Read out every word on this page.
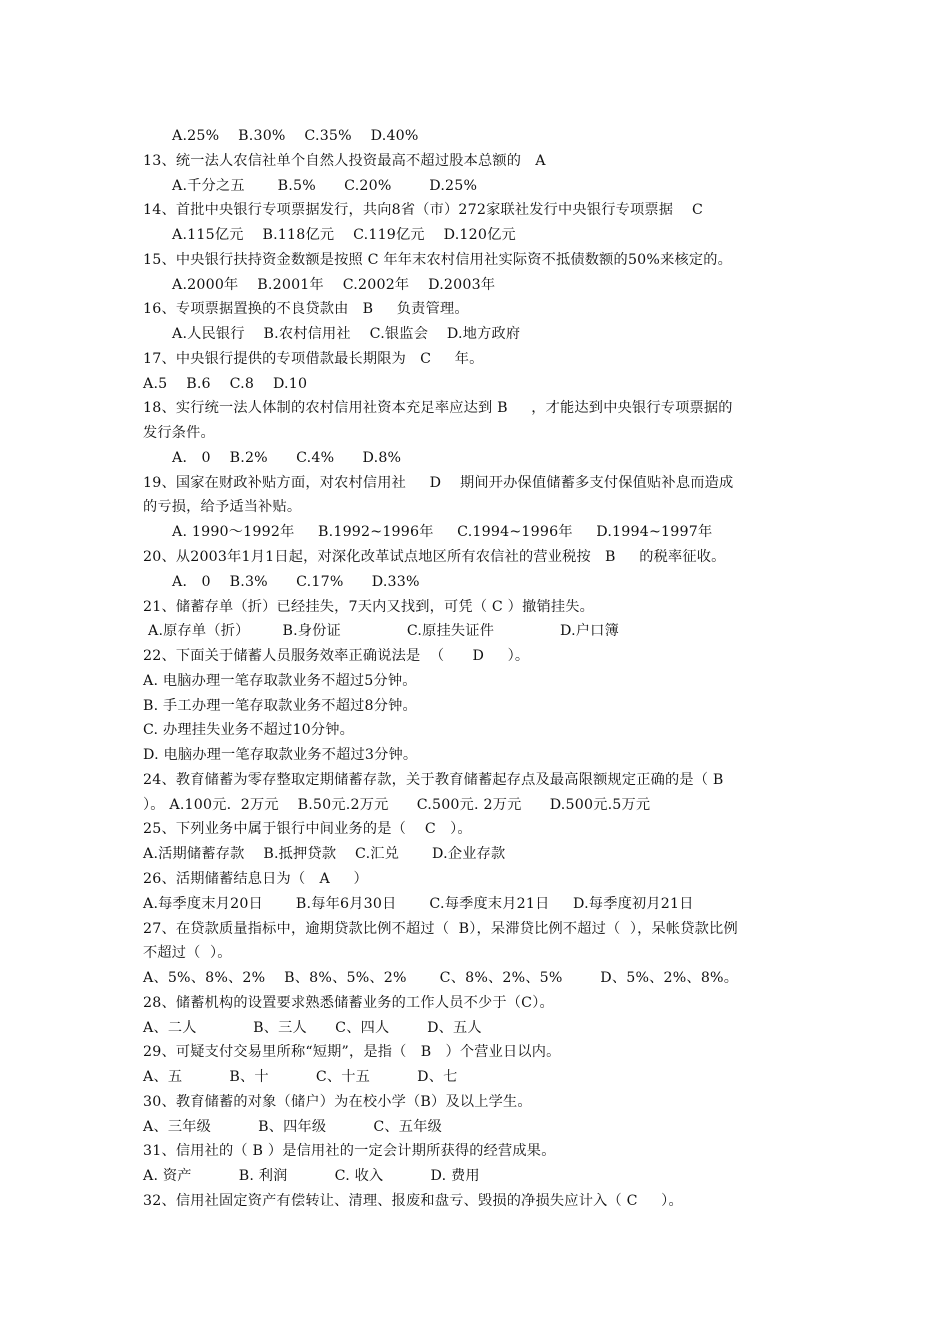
A.25%    B.30%    C.35%    D.40%
13、统一法人农信社单个自然人投资最高不超过股本总额的   A
A.千分之五       B.5%      C.20%        D.25%
14、首批中央银行专项票据发行，共向8省（市）272家联社发行中央银行专项票据    C
A.115亿元    B.118亿元    C.119亿元    D.120亿元
15、中央银行扶持资金数额是按照 C 年年末农村信用社实际资不抵债数额的50%来核定的。
A.2000年    B.2001年    C.2002年    D.2003年
16、专项票据置换的不良贷款由   B     负责管理。
A.人民银行    B.农村信用社    C.银监会    D.地方政府
17、中央银行提供的专项借款最长期限为   C     年。
A.5    B.6    C.8    D.10
18、实行统一法人体制的农村信用社资本充足率应达到 B     ，才能达到中央银行专项票据的
发行条件。
A． 0    B.2%      C.4%      D.8%
19、国家在财政补贴方面，对农村信用社     D    期间开办保值储蓄多支付保值贴补息而造成
的亏损，给予适当补贴。
A. 1990～1992年     B.1992~1996年     C.1994~1996年     D.1994~1997年
20、从2003年1月1日起，对深化改革试点地区所有农信社的营业税按   B     的税率征收。
A． 0    B.3%      C.17%      D.33%
21、储蓄存单（折）已经挂失，7天内又找到，可凭（ C ）撤销挂失。
A.原存单（折）       B.身份证              C.原挂失证件              D.户口簿
22、下面关于储蓄人员服务效率正确说法是  （      D     ）。
A. 电脑办理一笔存取款业务不超过5分钟。
B. 手工办理一笔存取款业务不超过8分钟。
C. 办理挂失业务不超过10分钟。
D. 电脑办理一笔存取款业务不超过3分钟。
24、教育储蓄为零存整取定期储蓄存款，关于教育储蓄起存点及最高限额规定正确的是（ B
）。 A.100元.  2万元    B.50元.2万元      C.500元. 2万元      D.500元.5万元
25、下列业务中属于银行中间业务的是（    C   ）。
A.活期储蓄存款    B.抵押贷款    C.汇兑       D.企业存款
26、活期储蓄结息日为（   A     ）
A.每季度末月20日       B.每年6月30日       C.每季度末月21日     D.每季度初月21日
27、在贷款质量指标中，逾期贷款比例不超过（  B），呆滞贷比例不超过（  ），呆帐贷款比例
不超过（  ）。
A、5%、8%、2%    B、8%、5%、2%       C、8%、2%、5%        D、5%、2%、8%。
28、储蓄机构的设置要求熟悉储蓄业务的工作人员不少于（C）。
A、二人            B、三人      C、四人        D、五人
29、可疑支付交易里所称“短期”，是指（   B   ）个营业日以内。
A、五          B、十          C、十五          D、七
30、教育储蓄的对象（储户）为在校小学（B）及以上学生。
A、三年级          B、四年级          C、五年级
31、信用社的（ B ）是信用社的一定会计期所获得的经营成果。
A. 资产          B. 利润          C. 收入          D. 费用
32、信用社固定资产有偿转让、清理、报废和盘亏、毁损的净损失应计入（ C     ）。
